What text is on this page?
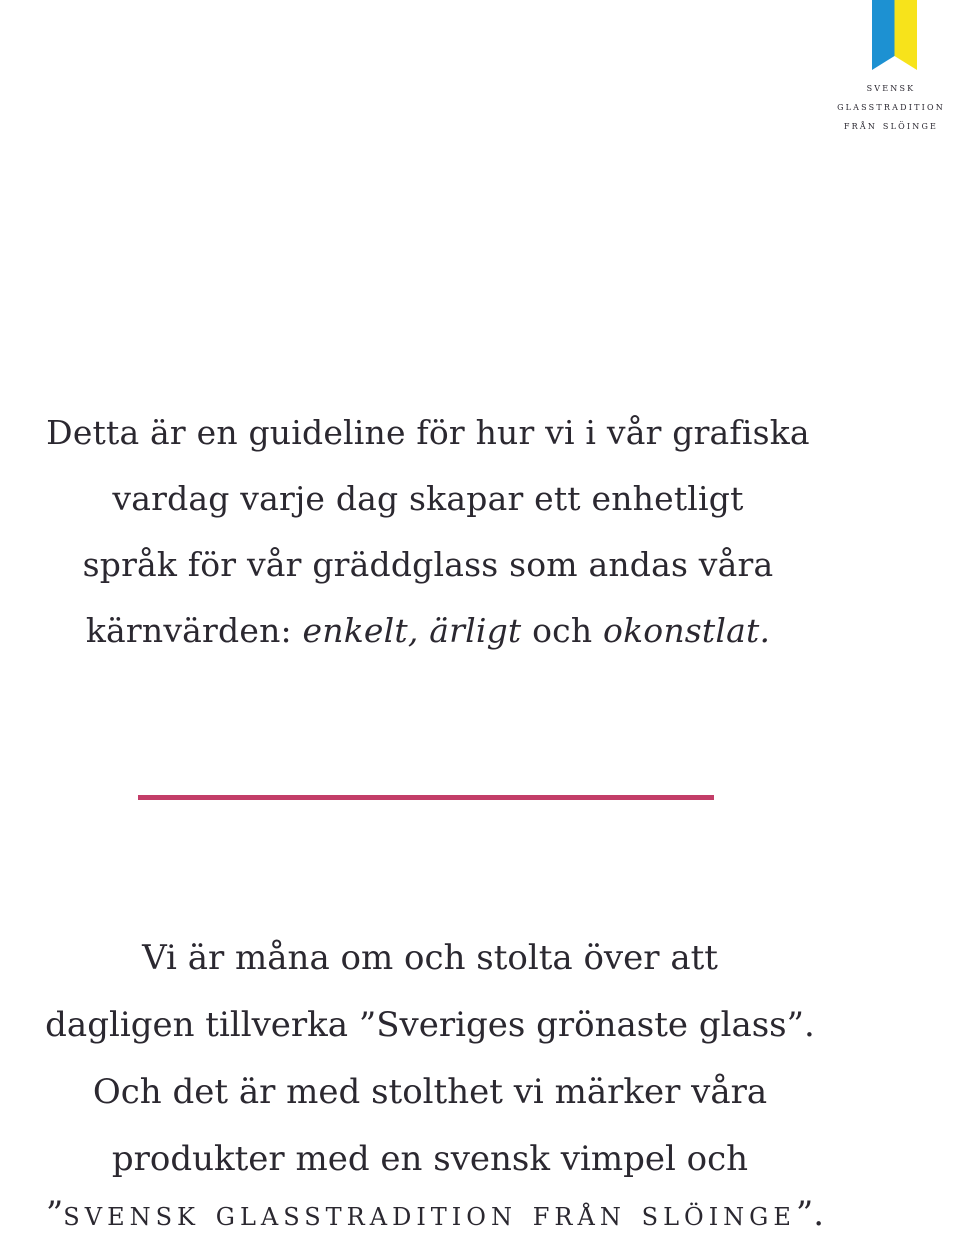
svensk
glasstradition
från slöinge
Detta är en guideline för hur vi i vår grafiska
vardag varje dag skapar ett enhetligt
språk för vår gräddglass som andas våra
kärnvärden: enkelt, ärligt och okonstlat.
Vi är måna om och stolta över att
dagligen tillverka ”Sveriges grönaste glass”.
Och det är med stolthet vi märker våra
produkter med en svensk vimpel och
”svensk glasstradition från slöinge”.
